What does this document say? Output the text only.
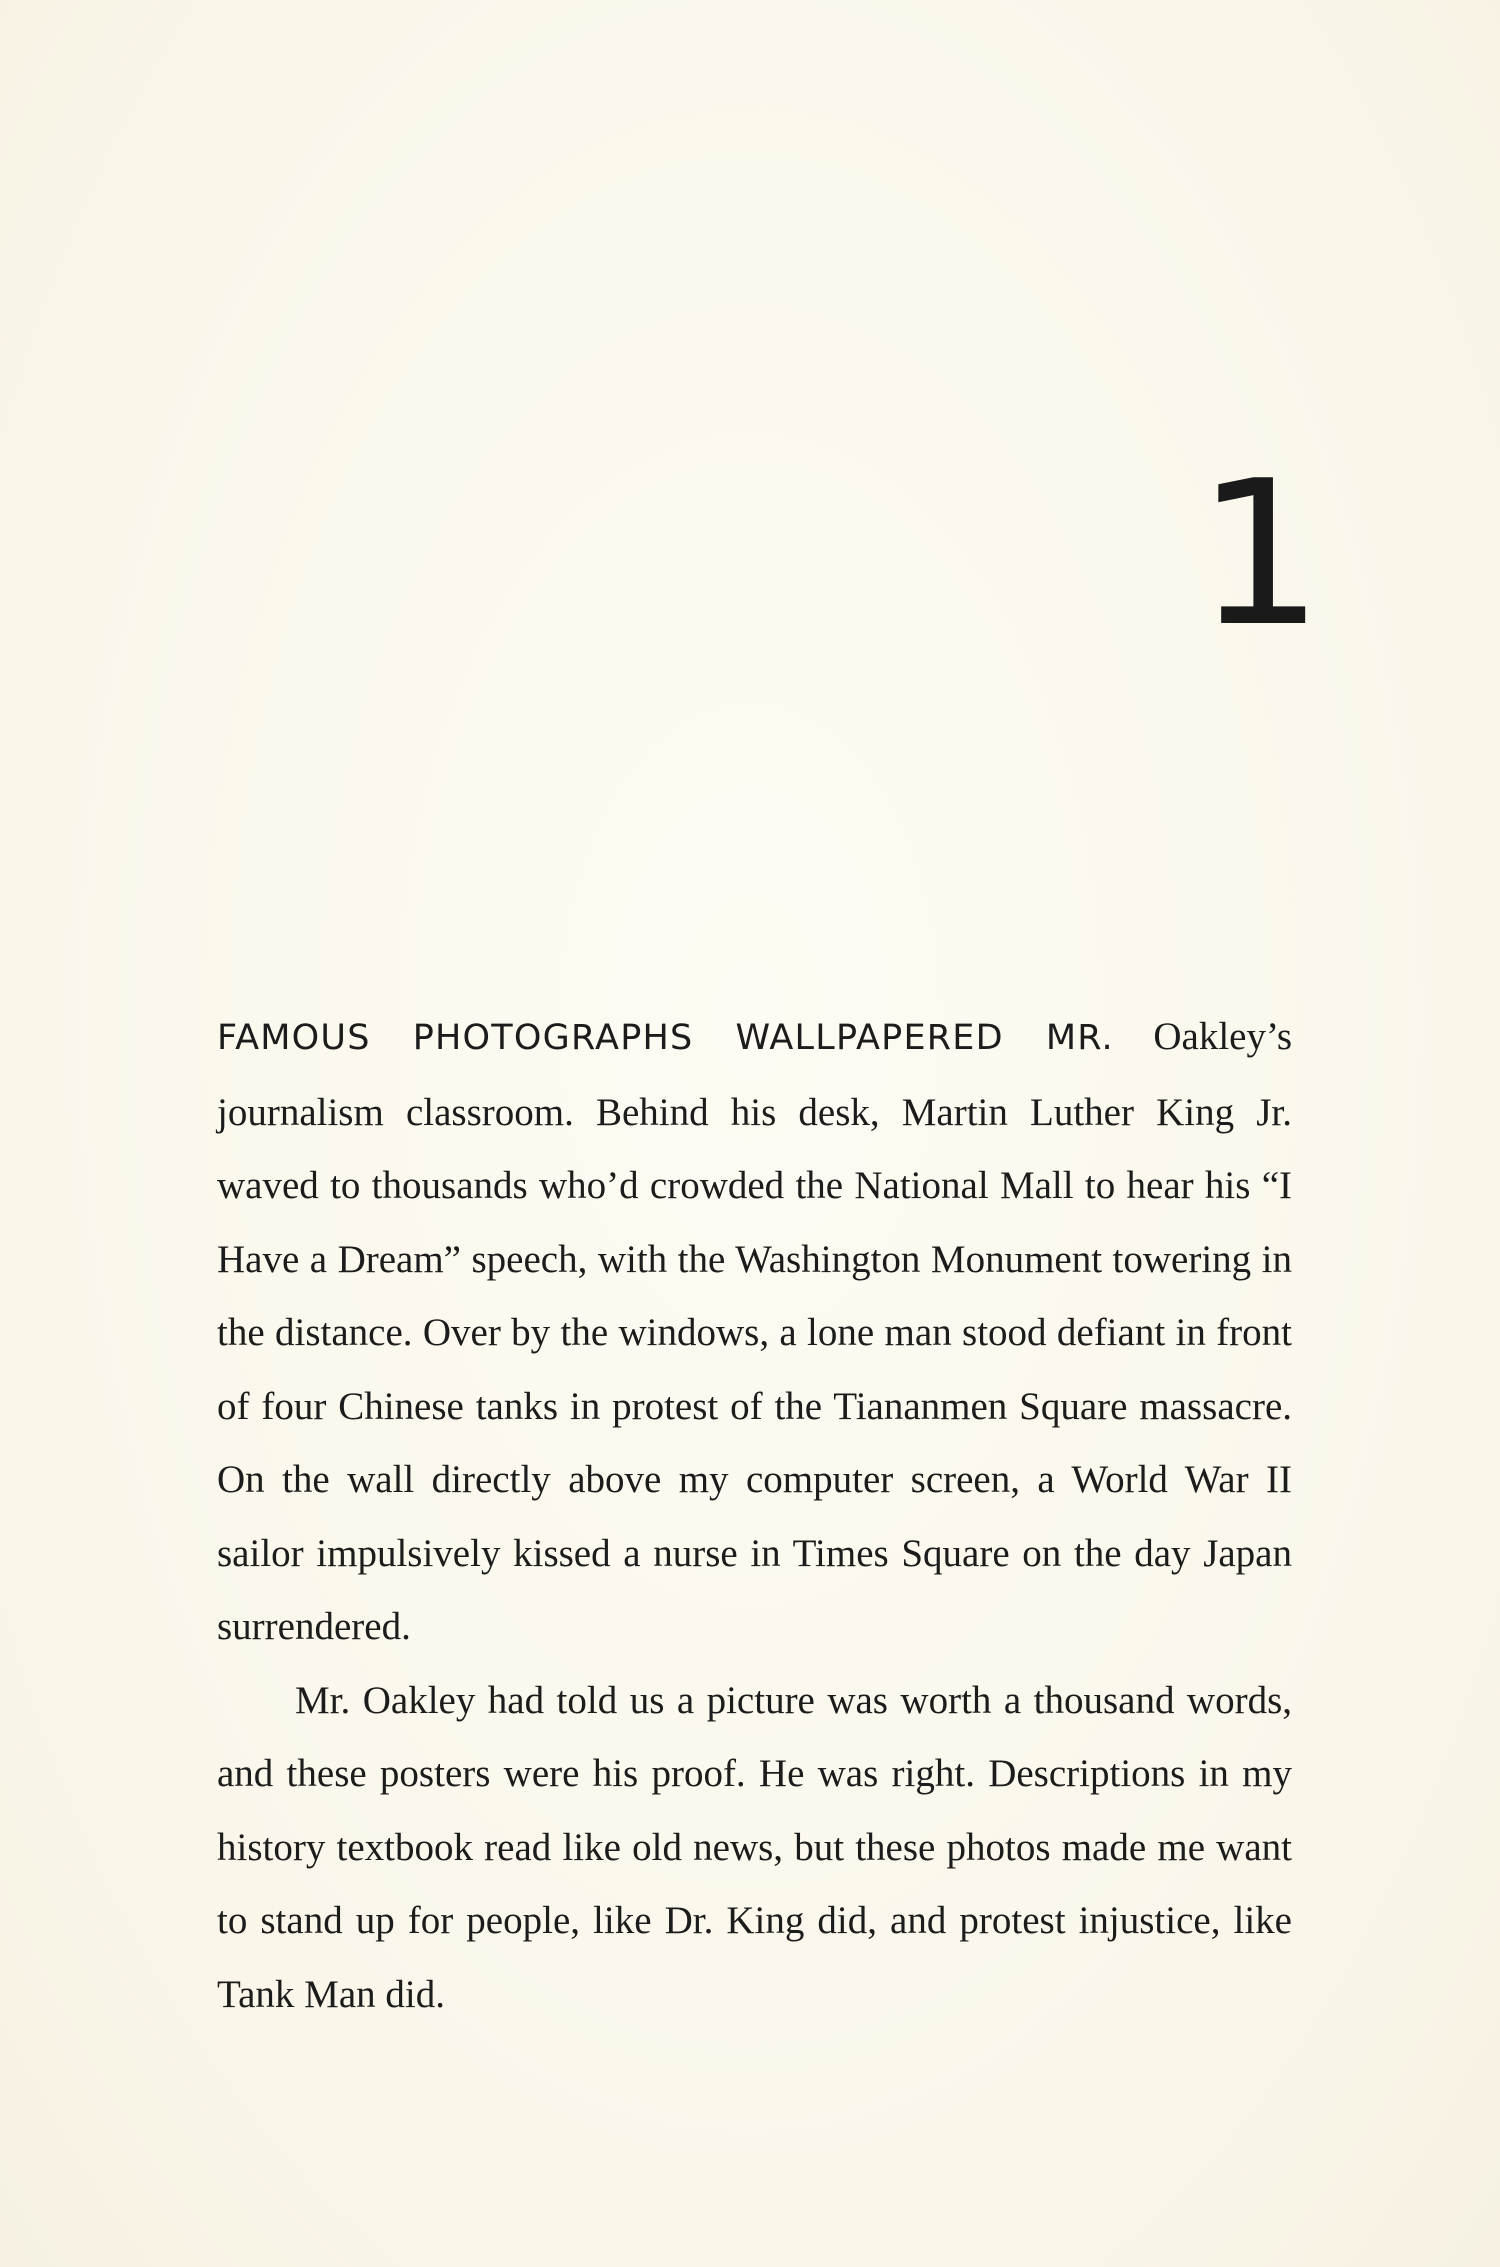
1

FAMOUS PHOTOGRAPHS WALLPAPERED MR. Oakley’s journalism classroom. Behind his desk, Martin Luther King Jr. waved to thousands who’d crowded the National Mall to hear his “I Have a Dream” speech, with the Washington Monument towering in the distance. Over by the windows, a lone man stood defiant in front of four Chinese tanks in protest of the Tiananmen Square massacre. On the wall directly above my computer screen, a World War II sailor impulsively kissed a nurse in Times Square on the day Japan surrendered.

Mr. Oakley had told us a picture was worth a thousand words, and these posters were his proof. He was right. Descriptions in my history textbook read like old news, but these photos made me want to stand up for people, like Dr. King did, and protest injustice, like Tank Man did.
